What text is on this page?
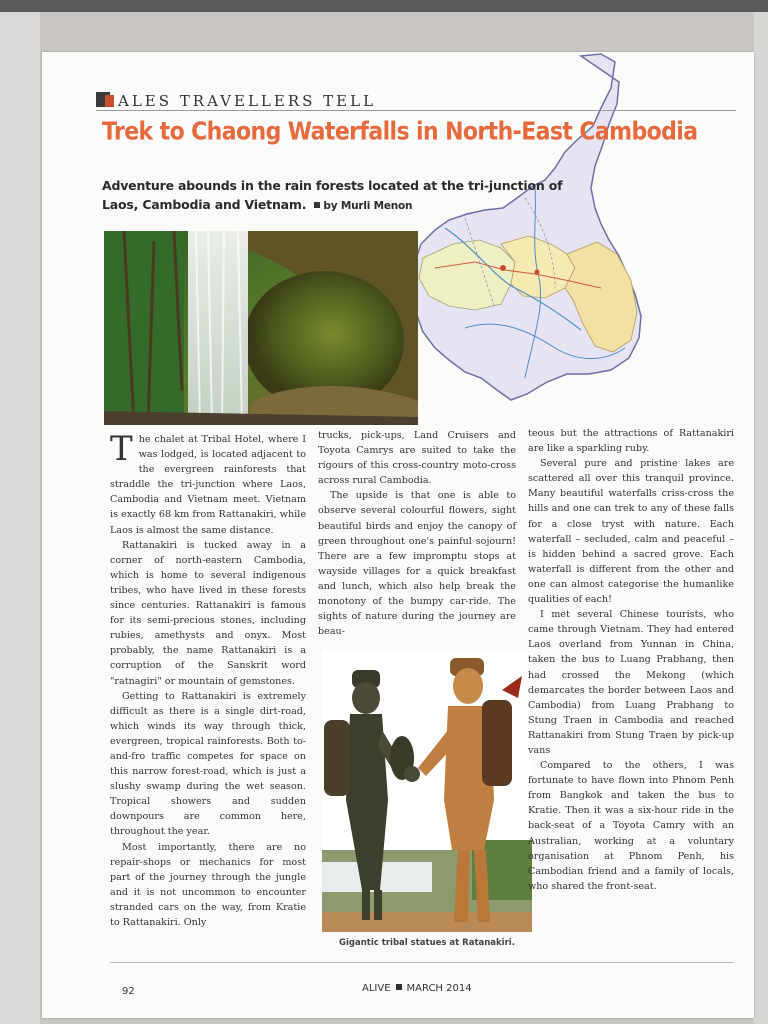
ALES TRAVELLERS TELL
Trek to Chaong Waterfalls in North-East Cambodia
Adventure abounds in the rain forests located at the tri-junction of Laos, Cambodia and Vietnam. by Murli Menon
T he chalet at Tribal Hotel, where I was lodged, is located adjacent to the evergreen rainforests that straddle the tri-junction where Laos, Cambodia and Vietnam meet. Vietnam is exactly 68 km from Rattanakiri, while Laos is almost the same distance.

Rattanakiri is tucked away in a corner of north-eastern Cambodia, which is home to several indigenous tribes, who have lived in these forests since centuries. Rattanakiri is famous for its semi-precious stones, including rubies, amethysts and onyx. Most probably, the name Rattanakiri is a corruption of the Sanskrit word "ratnagiri" or mountain of gemstones.

Getting to Rattanakiri is extremely difficult as there is a single dirt-road, which winds its way through thick, evergreen, tropical rainforests. Both to-and-fro traffic competes for space on this narrow forest-road, which is just a slushy swamp during the wet season. Tropical showers and sudden downpours are common here, throughout the year.

Most importantly, there are no repair-shops or mechanics for most part of the journey through the jungle and it is not uncommon to encounter stranded cars on the way, from Kratie to Rattanakiri. Only

trucks, pick-ups, Land Cruisers and Toyota Camrys are suited to take the rigours of this cross-country moto-cross across rural Cambodia.

The upside is that one is able to observe several colourful flowers, sight beautiful birds and enjoy the canopy of green throughout one's painful sojourn! There are a few impromptu stops at wayside villages for a quick breakfast and lunch, which also help break the monotony of the bumpy car-ride. The sights of nature during the journey are beau-

Gigantic tribal statues at Ratanakiri.

teous but the attractions of Rattanakiri are like a sparkling ruby.

Several pure and pristine lakes are scattered all over this tranquil province. Many beautiful waterfalls criss-cross the hills and one can trek to any of these falls for a close tryst with nature. Each waterfall – secluded, calm and peaceful – is hidden behind a sacred grove. Each waterfall is different from the other and one can almost categorise the humanlike qualities of each!

I met several Chinese tourists, who came through Vietnam. They had entered Laos overland from Yunnan in China, taken the bus to Luang Prabhang, then had crossed the Mekong (which demarcates the border between Laos and Cambodia) from Luang Prabhang to Stung Traen in Cambodia and reached Rattanakiri from Stung Traen by pick-up vans

Compared to the others, I was fortunate to have flown into Phnom Penh from Bangkok and taken the bus to Kratie. Then it was a six-hour ride in the back-seat of a Toyota Camry with an Australian, working at a voluntary organisation at Phnom Penh, his Cambodian friend and a family of locals, who shared the front-seat.

92	ALIVE MARCH 2014
